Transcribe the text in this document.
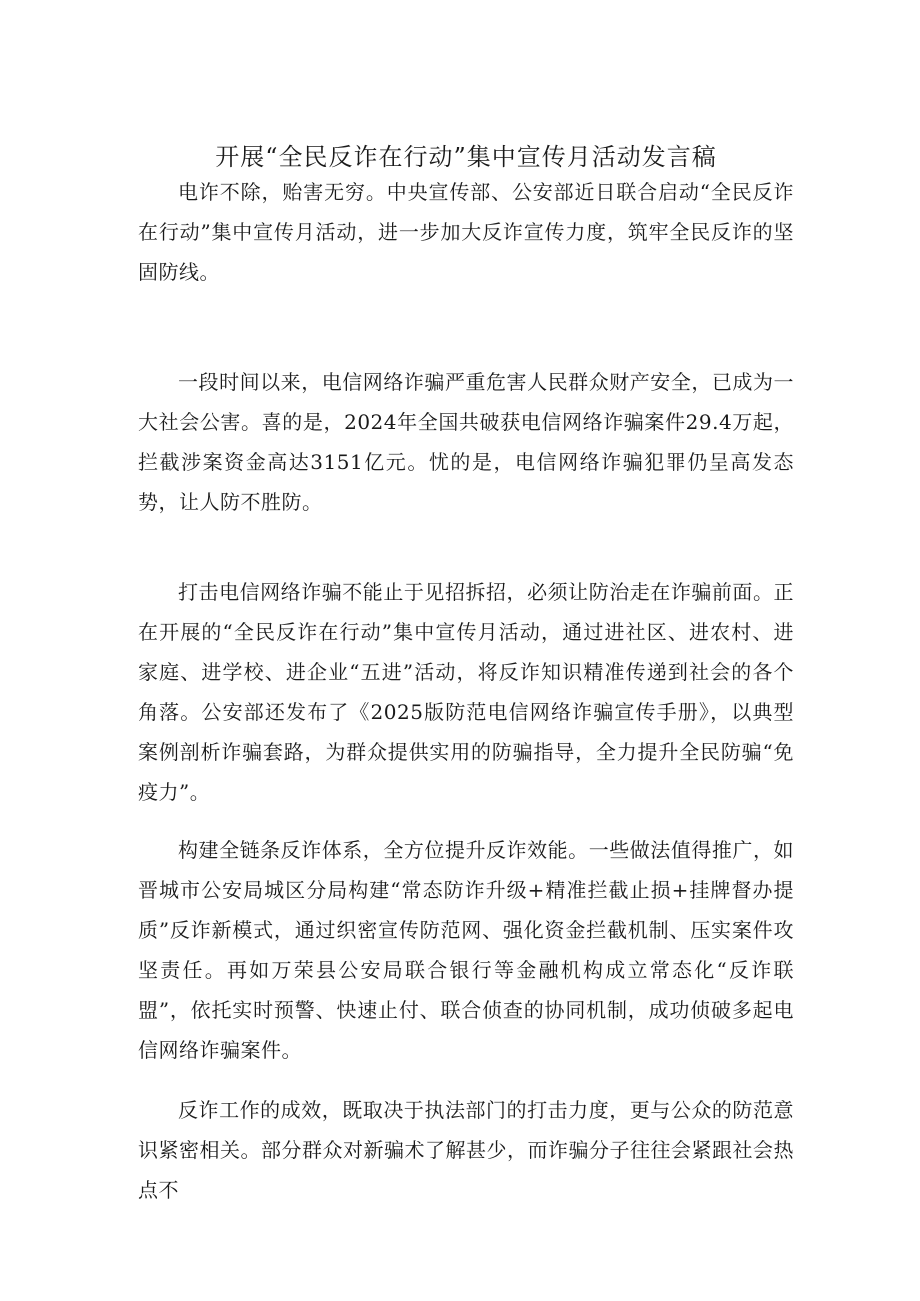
开展“全民反诈在行动”集中宣传月活动发言稿

电诈不除，贻害无穷。中央宣传部、公安部近日联合启动“全民反诈在行动”集中宣传月活动，进一步加大反诈宣传力度，筑牢全民反诈的坚固防线。

一段时间以来，电信网络诈骗严重危害人民群众财产安全，已成为一大社会公害。喜的是，2024年全国共破获电信网络诈骗案件29.4万起，拦截涉案资金高达3151亿元。忧的是，电信网络诈骗犯罪仍呈高发态势，让人防不胜防。

打击电信网络诈骗不能止于见招拆招，必须让防治走在诈骗前面。正在开展的“全民反诈在行动”集中宣传月活动，通过进社区、进农村、进家庭、进学校、进企业“五进”活动，将反诈知识精准传递到社会的各个角落。公安部还发布了《2025版防范电信网络诈骗宣传手册》，以典型案例剖析诈骗套路，为群众提供实用的防骗指导，全力提升全民防骗“免疫力”。

构建全链条反诈体系，全方位提升反诈效能。一些做法值得推广，如晋城市公安局城区分局构建“常态防诈升级+精准拦截止损+挂牌督办提质”反诈新模式，通过织密宣传防范网、强化资金拦截机制、压实案件攻坚责任。再如万荣县公安局联合银行等金融机构成立常态化“反诈联盟”，依托实时预警、快速止付、联合侦查的协同机制，成功侦破多起电信网络诈骗案件。

反诈工作的成效，既取决于执法部门的打击力度，更与公众的防范意识紧密相关。部分群众对新骗术了解甚少，而诈骗分子往往会紧跟社会热点不
